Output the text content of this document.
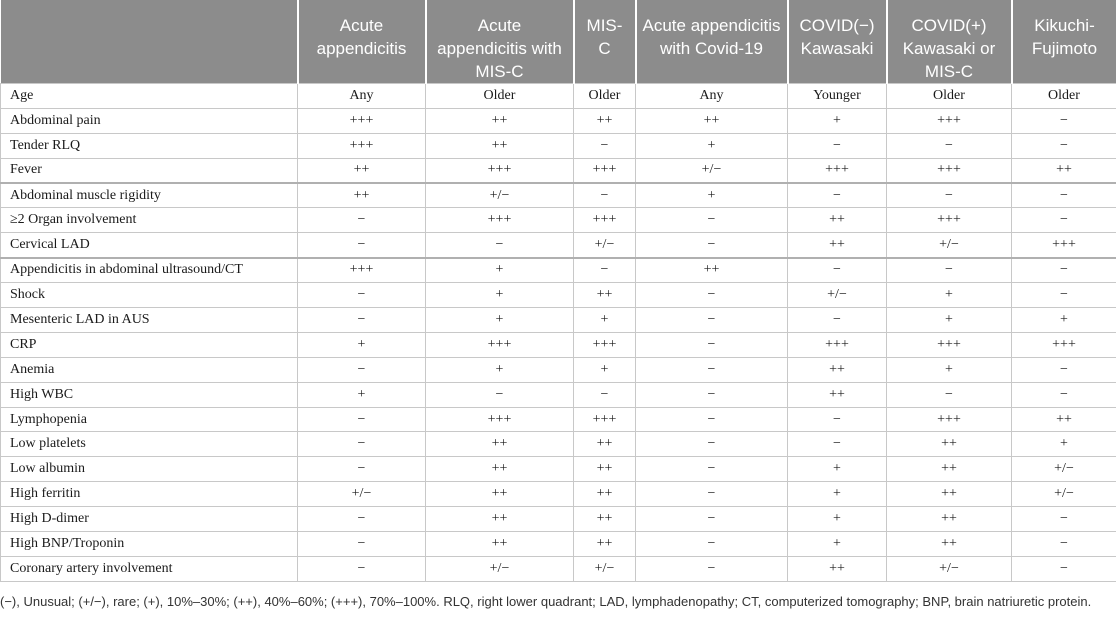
	Acute appendicitis	Acute appendicitis with MIS-C	MIS-C	Acute appendicitis with Covid-19	COVID(−) Kawasaki	COVID(+) Kawasaki or MIS-C	Kikuchi-Fujimoto
Age	Any	Older	Older	Any	Younger	Older	Older
Abdominal pain	+++	++	++	++	+	+++	−
Tender RLQ	+++	++	−	+	−	−	−
Fever	++	+++	+++	+/−	+++	+++	++
Abdominal muscle rigidity	++	+/−	−	+	−	−	−
≥2 Organ involvement	−	+++	+++	−	++	+++	−
Cervical LAD	−	−	+/−	−	++	+/−	+++
Appendicitis in abdominal ultrasound/CT	+++	+	−	++	−	−	−
Shock	−	+	++	−	+/−	+	−
Mesenteric LAD in AUS	−	+	+	−	−	+	+
CRP	+	+++	+++	−	+++	+++	+++
Anemia	−	+	+	−	++	+	−
High WBC	+	−	−	−	++	−	−
Lymphopenia	−	+++	+++	−	−	+++	++
Low platelets	−	++	++	−	−	++	+
Low albumin	−	++	++	−	+	++	+/−
High ferritin	+/−	++	++	−	+	++	+/−
High D-dimer	−	++	++	−	+	++	−
High BNP/Troponin	−	++	++	−	+	++	−
Coronary artery involvement	−	+/−	+/−	−	++	+/−	−
(−), Unusual; (+/−), rare; (+), 10%–30%; (++), 40%–60%; (+++), 70%–100%. RLQ, right lower quadrant; LAD, lymphadenopathy; CT, computerized tomography; BNP, brain natriuretic protein.
